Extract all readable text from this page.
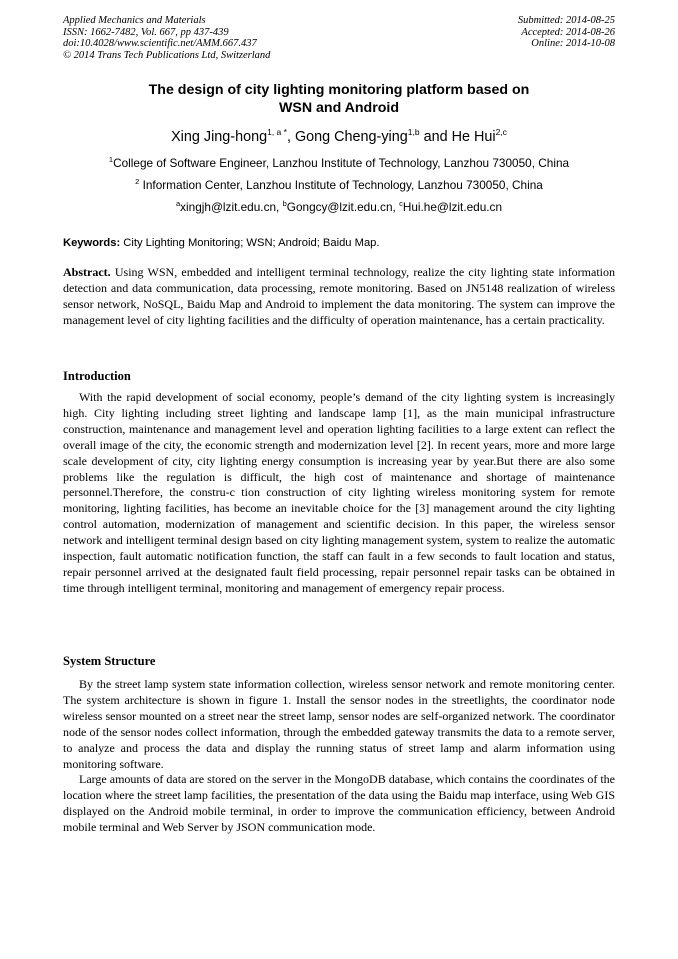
Applied Mechanics and Materials
ISSN: 1662-7482, Vol. 667, pp 437-439
doi:10.4028/www.scientific.net/AMM.667.437
© 2014 Trans Tech Publications Ltd, Switzerland
Submitted: 2014-08-25
Accepted: 2014-08-26
Online: 2014-10-08
The design of city lighting monitoring platform based on
WSN and Android
Xing Jing-hong$^{1, a *}$, Gong Cheng-ying$^{1,b}$ and He Hui$^{2,c}$
$^1$College of Software Engineer, Lanzhou Institute of Technology, Lanzhou 730050, China
$^2$ Information Center, Lanzhou Institute of Technology, Lanzhou 730050, China
$^a$xingjh@lzit.edu.cn, $^b$Gongcy@lzit.edu.cn, $^c$Hui.he@lzit.edu.cn
Keywords: City Lighting Monitoring; WSN; Android; Baidu Map.
Abstract. Using WSN, embedded and intelligent terminal technology, realize the city lighting state information detection and data communication, data processing, remote monitoring. Based on JN5148 realization of wireless sensor network, NoSQL, Baidu Map and Android to implement the data monitoring. The system can improve the management level of city lighting facilities and the difficulty of operation maintenance, has a certain practicality.
Introduction

With the rapid development of social economy, people’s demand of the city lighting system is increasingly high. City lighting including street lighting and landscape lamp [1], as the main municipal infrastructure construction, maintenance and management level and operation lighting facilities to a large extent can reflect the overall image of the city, the economic strength and modernization level [2]. In recent years, more and more large scale development of city, city lighting energy consumption is increasing year by year.But there are also some problems like the regulation is difficult, the high cost of maintenance and shortage of maintenance personnel.Therefore, the constru-c tion construction of city lighting wireless monitoring system for remote monitoring, lighting facilities, has become an inevitable choice for the [3] management around the city lighting control automation, modernization of management and scientific decision. In this paper, the wireless sensor network and intelligent terminal design based on city lighting management system, system to realize the automatic inspection, fault automatic notification function, the staff can fault in a few seconds to fault location and status, repair personnel arrived at the designated fault field processing, repair personnel repair tasks can be obtained in time through intelligent terminal, monitoring and management of emergency repair process.

System Structure

By the street lamp system state information collection, wireless sensor network and remote monitoring center. The system architecture is shown in figure 1. Install the sensor nodes in the streetlights, the coordinator node wireless sensor mounted on a street near the street lamp, sensor nodes are self-organized network. The coordinator node of the sensor nodes collect information, through the embedded gateway transmits the data to a remote server, to analyze and process the data and display the running status of street lamp and alarm information using monitoring software.

Large amounts of data are stored on the server in the MongoDB database, which contains the coordinates of the location where the street lamp facilities, the presentation of the data using the Baidu map interface, using Web GIS displayed on the Android mobile terminal, in order to improve the communication efficiency, between Android mobile terminal and Web Server by JSON communication mode.
